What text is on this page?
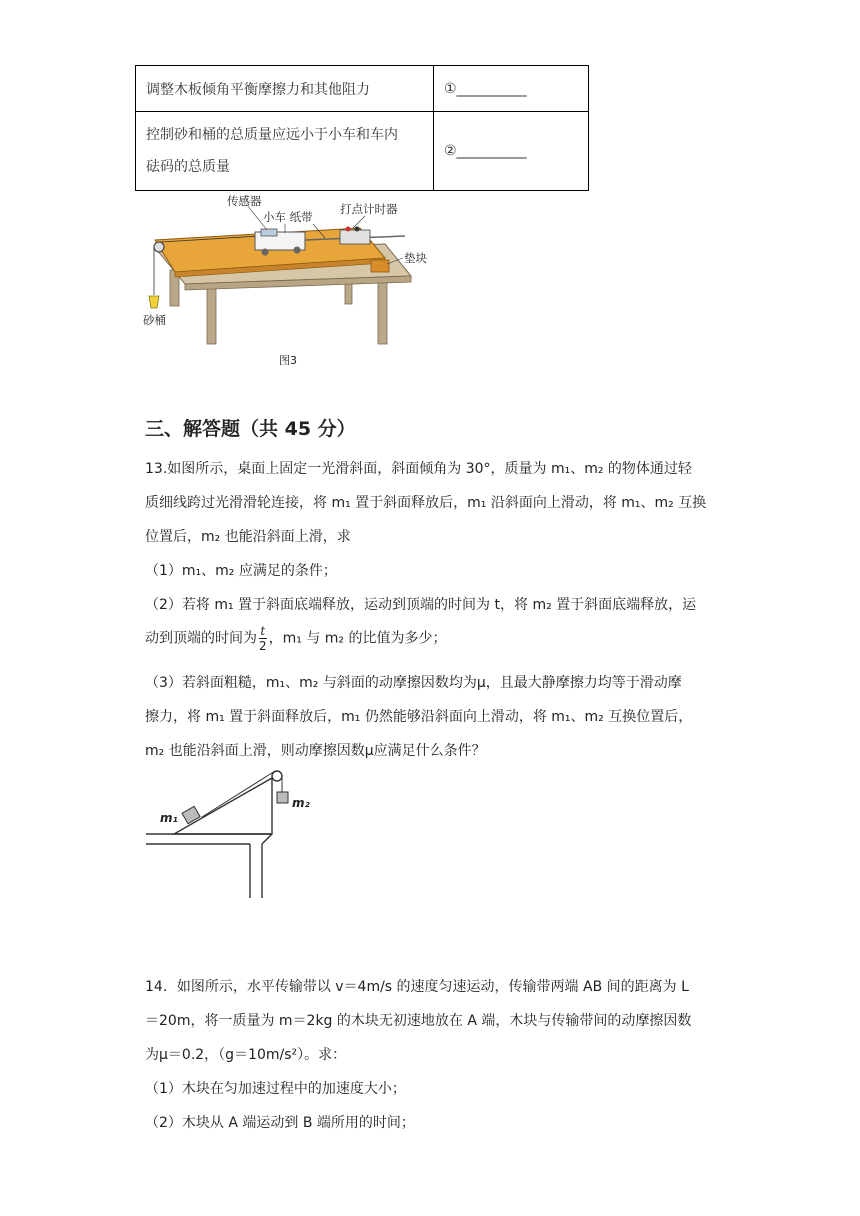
调整木板倾角平衡摩擦力和其他阻力	①__________
控制砂和桶的总质量应远小于小车和车内
砝码的总质量	②__________
传感器
小车 纸带
打点计时器
垫块
砂桶
图3
三、解答题（共 45 分）
13.如图所示，桌面上固定一光滑斜面，斜面倾角为 30°，质量为 m₁、m₂ 的物体通过轻
质细线跨过光滑滑轮连接，将 m₁ 置于斜面释放后，m₁ 沿斜面向上滑动，将 m₁、m₂ 互换
位置后，m₂ 也能沿斜面上滑，求
（1）m₁、m₂ 应满足的条件；
（2）若将 m₁ 置于斜面底端释放，运动到顶端的时间为 t，将 m₂ 置于斜面底端释放，运
动到顶端的时间为 $\frac{t}{2}$ ，m₁ 与 m₂ 的比值为多少；
（3）若斜面粗糙，m₁、m₂ 与斜面的动摩擦因数均为μ，且最大静摩擦力均等于滑动摩
擦力，将 m₁ 置于斜面释放后，m₁ 仍然能够沿斜面向上滑动，将 m₁、m₂ 互换位置后，
m₂ 也能沿斜面上滑，则动摩擦因数μ应满足什么条件？
m₁
m₂
14．如图所示，水平传输带以 v＝4m/s 的速度匀速运动，传输带两端 AB 间的距离为 L
＝20m，将一质量为 m＝2kg 的木块无初速地放在 A 端，木块与传输带间的动摩擦因数
为μ＝0.2，（g＝10m/s²）。求：
（1）木块在匀加速过程中的加速度大小；
（2）木块从 A 端运动到 B 端所用的时间；
